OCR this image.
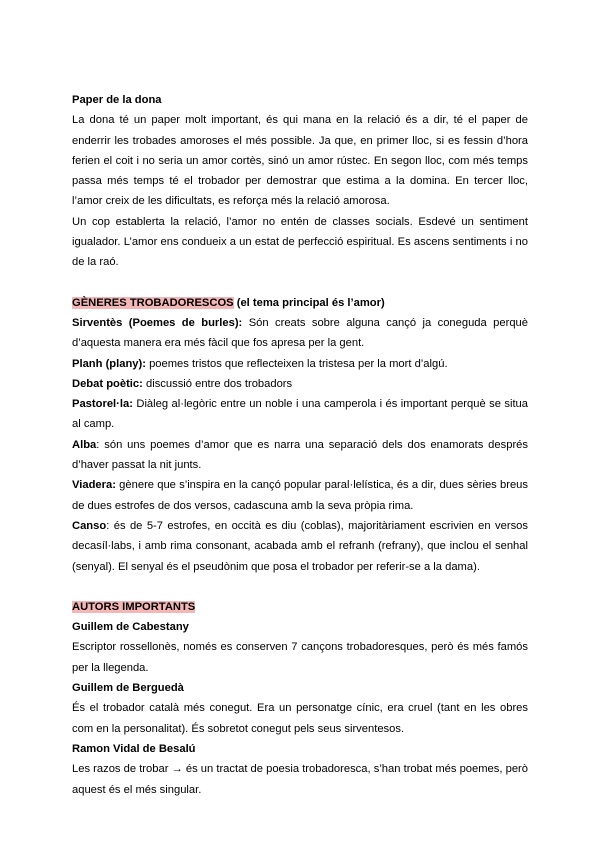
Paper de la dona

La dona té un paper molt important, és qui mana en la relació és a dir, té el paper de enderrir les trobades amoroses el més possible. Ja que, en primer lloc, si es fessin d’hora ferien el coit i no seria un amor cortès, sinó un amor rústec. En segon lloc, com més temps passa més temps té el trobador per demostrar que estima a la domina. En tercer lloc, l’amor creix de les dificultats, es reforça més la relació amorosa.

Un cop establerta la relació, l’amor no entén de classes socials. Esdevé un sentiment igualador. L’amor ens condueix a un estat de perfecció espiritual. Es ascens sentiments i no de la raó.

GÈNERES TROBADORESCOS (el tema principal és l’amor)

Sirventès (Poemes de burles): Són creats sobre alguna cançó ja coneguda perquè d’aquesta manera era més fàcil que fos apresa per la gent.

Planh (plany): poemes tristos que reflecteixen la tristesa per la mort d’algú.

Debat poètic: discussió entre dos trobadors

Pastorel·la: Diàleg al·legòric entre un noble i una camperola i és important perquè se situa al camp.

Alba: són uns poemes d’amor que es narra una separació dels dos enamorats després d’haver passat la nit junts.

Viadera: gènere que s’inspira en la cançó popular paral·lelística, és a dir, dues sèries breus de dues estrofes de dos versos, cadascuna amb la seva pròpia rima.

Canso: és de 5-7 estrofes, en occità es diu (coblas), majoritàriament escrivien en versos decasíl·labs, i amb rima consonant, acabada amb el refranh (refrany), que inclou el senhal (senyal). El senyal és el pseudònim que posa el trobador per referir-se a la dama).

AUTORS IMPORTANTS

Guillem de Cabestany

Escriptor rossellonès, només es conserven 7 cançons trobadoresques, però és més famós per la llegenda.

Guillem de Berguedà

És el trobador català més conegut. Era un personatge cínic, era cruel (tant en les obres com en la personalitat). És sobretot conegut pels seus sirventesos.

Ramon Vidal de Besalú

Les razos de trobar → és un tractat de poesia trobadoresca, s’han trobat més poemes, però aquest és el més singular.
